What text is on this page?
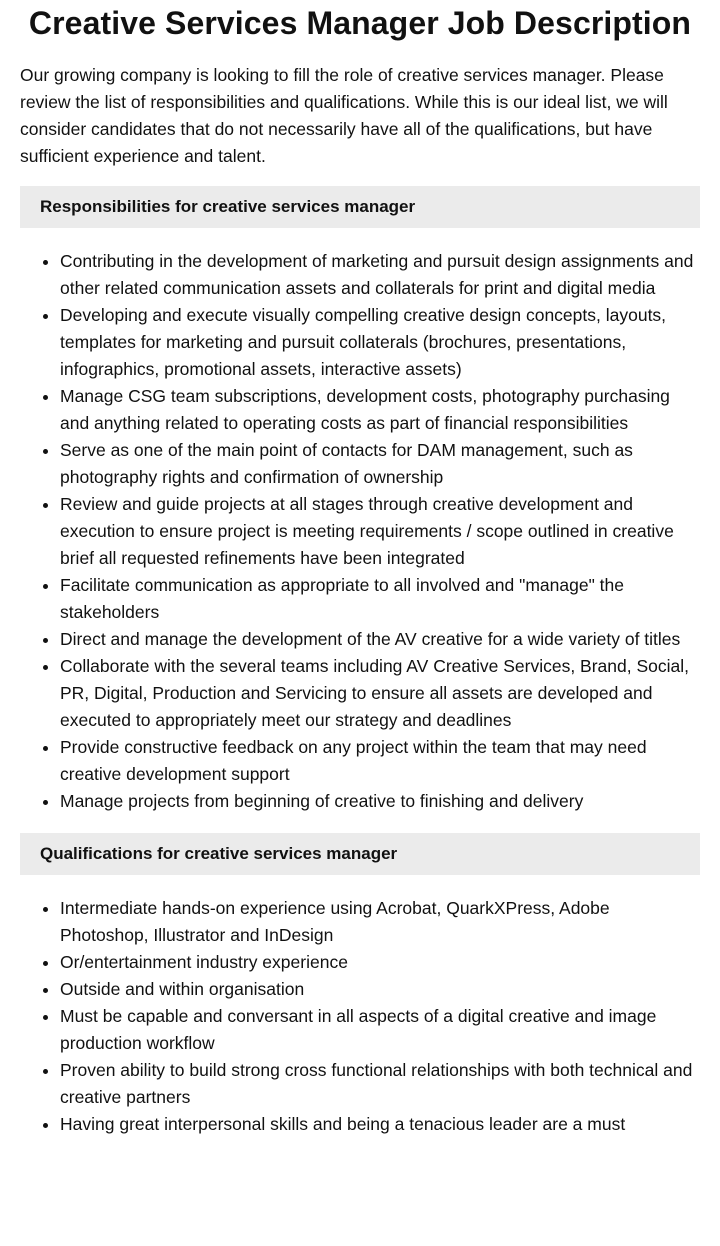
Creative Services Manager Job Description

Our growing company is looking to fill the role of creative services manager. Please review the list of responsibilities and qualifications. While this is our ideal list, we will consider candidates that do not necessarily have all of the qualifications, but have sufficient experience and talent.

Responsibilities for creative services manager
• Contributing in the development of marketing and pursuit design assignments and other related communication assets and collaterals for print and digital media
• Developing and execute visually compelling creative design concepts, layouts, templates for marketing and pursuit collaterals (brochures, presentations, infographics, promotional assets, interactive assets)
• Manage CSG team subscriptions, development costs, photography purchasing and anything related to operating costs as part of financial responsibilities
• Serve as one of the main point of contacts for DAM management, such as photography rights and confirmation of ownership
• Review and guide projects at all stages through creative development and execution to ensure project is meeting requirements / scope outlined in creative brief all requested refinements have been integrated
• Facilitate communication as appropriate to all involved and "manage" the stakeholders
• Direct and manage the development of the AV creative for a wide variety of titles
• Collaborate with the several teams including AV Creative Services, Brand, Social, PR, Digital, Production and Servicing to ensure all assets are developed and executed to appropriately meet our strategy and deadlines
• Provide constructive feedback on any project within the team that may need creative development support
• Manage projects from beginning of creative to finishing and delivery
Qualifications for creative services manager
• Intermediate hands-on experience using Acrobat, QuarkXPress, Adobe Photoshop, Illustrator and InDesign
• Or/entertainment industry experience
• Outside and within organisation
• Must be capable and conversant in all aspects of a digital creative and image production workflow
• Proven ability to build strong cross functional relationships with both technical and creative partners
• Having great interpersonal skills and being a tenacious leader are a must
